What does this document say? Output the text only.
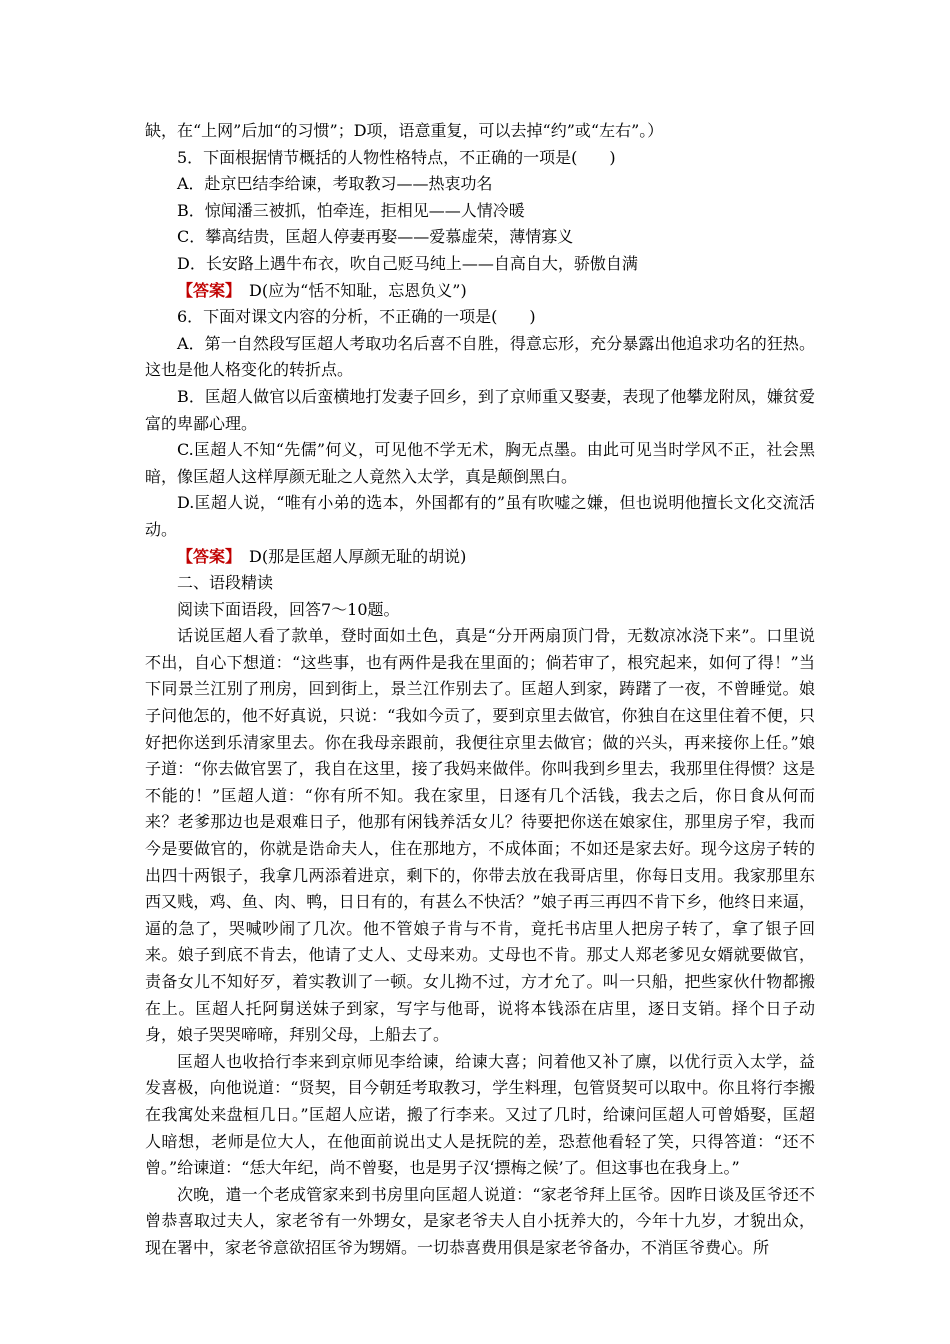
缺，在“上网”后加“的习惯”；D项，语意重复，可以去掉“约”或“左右”。）

5．下面根据情节概括的人物性格特点，不正确的一项是(　　)

A．赴京巴结李给谏，考取教习——热衷功名

B．惊闻潘三被抓，怕牵连，拒相见——人情冷暖

C．攀高结贵，匡超人停妻再娶——爱慕虚荣，薄情寡义

D．长安路上遇牛布衣，吹自己贬马纯上——自高自大，骄傲自满

【答案】　D(应为“恬不知耻，忘恩负义”)

6．下面对课文内容的分析，不正确的一项是(　　)

A．第一自然段写匡超人考取功名后喜不自胜，得意忘形，充分暴露出他追求功名的狂热。这也是他人格变化的转折点。

B．匡超人做官以后蛮横地打发妻子回乡，到了京师重又娶妻，表现了他攀龙附凤，嫌贫爱富的卑鄙心理。

C.匡超人不知“先儒”何义，可见他不学无术，胸无点墨。由此可见当时学风不正，社会黑暗，像匡超人这样厚颜无耻之人竟然入太学，真是颠倒黑白。

D.匡超人说，“唯有小弟的选本，外国都有的”虽有吹嘘之嫌，但也说明他擅长文化交流活动。

【答案】　D(那是匡超人厚颜无耻的胡说)

二、语段精读

阅读下面语段，回答7～10题。

话说匡超人看了款单，登时面如土色，真是“分开两扇顶门骨，无数凉冰浇下来”。口里说不出，自心下想道：“这些事，也有两件是我在里面的；倘若审了，根究起来，如何了得！”当下同景兰江别了刑房，回到街上，景兰江作别去了。匡超人到家，踌躇了一夜，不曾睡觉。娘子问他怎的，他不好真说，只说：“我如今贡了，要到京里去做官，你独自在这里住着不便，只好把你送到乐清家里去。你在我母亲跟前，我便往京里去做官；做的兴头，再来接你上任。”娘子道：“你去做官罢了，我自在这里，接了我妈来做伴。你叫我到乡里去，我那里住得惯？这是不能的！”匡超人道：“你有所不知。我在家里，日逐有几个活钱，我去之后，你日食从何而来？老爹那边也是艰难日子，他那有闲钱养活女儿？待要把你送在娘家住，那里房子窄，我而今是要做官的，你就是诰命夫人，住在那地方，不成体面；不如还是家去好。现今这房子转的出四十两银子，我拿几两添着进京，剩下的，你带去放在我哥店里，你每日支用。我家那里东西又贱，鸡、鱼、肉、鸭，日日有的，有甚么不快活？”娘子再三再四不肯下乡，他终日来逼，逼的急了，哭喊吵闹了几次。他不管娘子肯与不肯，竟托书店里人把房子转了，拿了银子回来。娘子到底不肯去，他请了丈人、丈母来劝。丈母也不肯。那丈人郑老爹见女婿就要做官，责备女儿不知好歹，着实教训了一顿。女儿拗不过，方才允了。叫一只船，把些家伙什物都搬在上。匡超人托阿舅送妹子到家，写字与他哥，说将本钱添在店里，逐日支销。择个日子动身，娘子哭哭啼啼，拜别父母，上船去了。

匡超人也收拾行李来到京师见李给谏，给谏大喜；问着他又补了廪，以优行贡入太学，益发喜极，向他说道：“贤契，目今朝廷考取教习，学生料理，包管贤契可以取中。你且将行李搬在我寓处来盘桓几日。”匡超人应诺，搬了行李来。又过了几时，给谏问匡超人可曾婚娶，匡超人暗想，老师是位大人，在他面前说出丈人是抚院的差，恐惹他看轻了笑，只得答道：“还不曾。”给谏道：“恁大年纪，尚不曾娶，也是男子汉‘摽梅之候’了。但这事也在我身上。”

次晚，遣一个老成管家来到书房里向匡超人说道：“家老爷拜上匡爷。因昨日谈及匡爷还不曾恭喜取过夫人，家老爷有一外甥女，是家老爷夫人自小抚养大的，今年十九岁，才貌出众，现在署中，家老爷意欲招匡爷为甥婿。一切恭喜费用俱是家老爷备办，不消匡爷费心。所
